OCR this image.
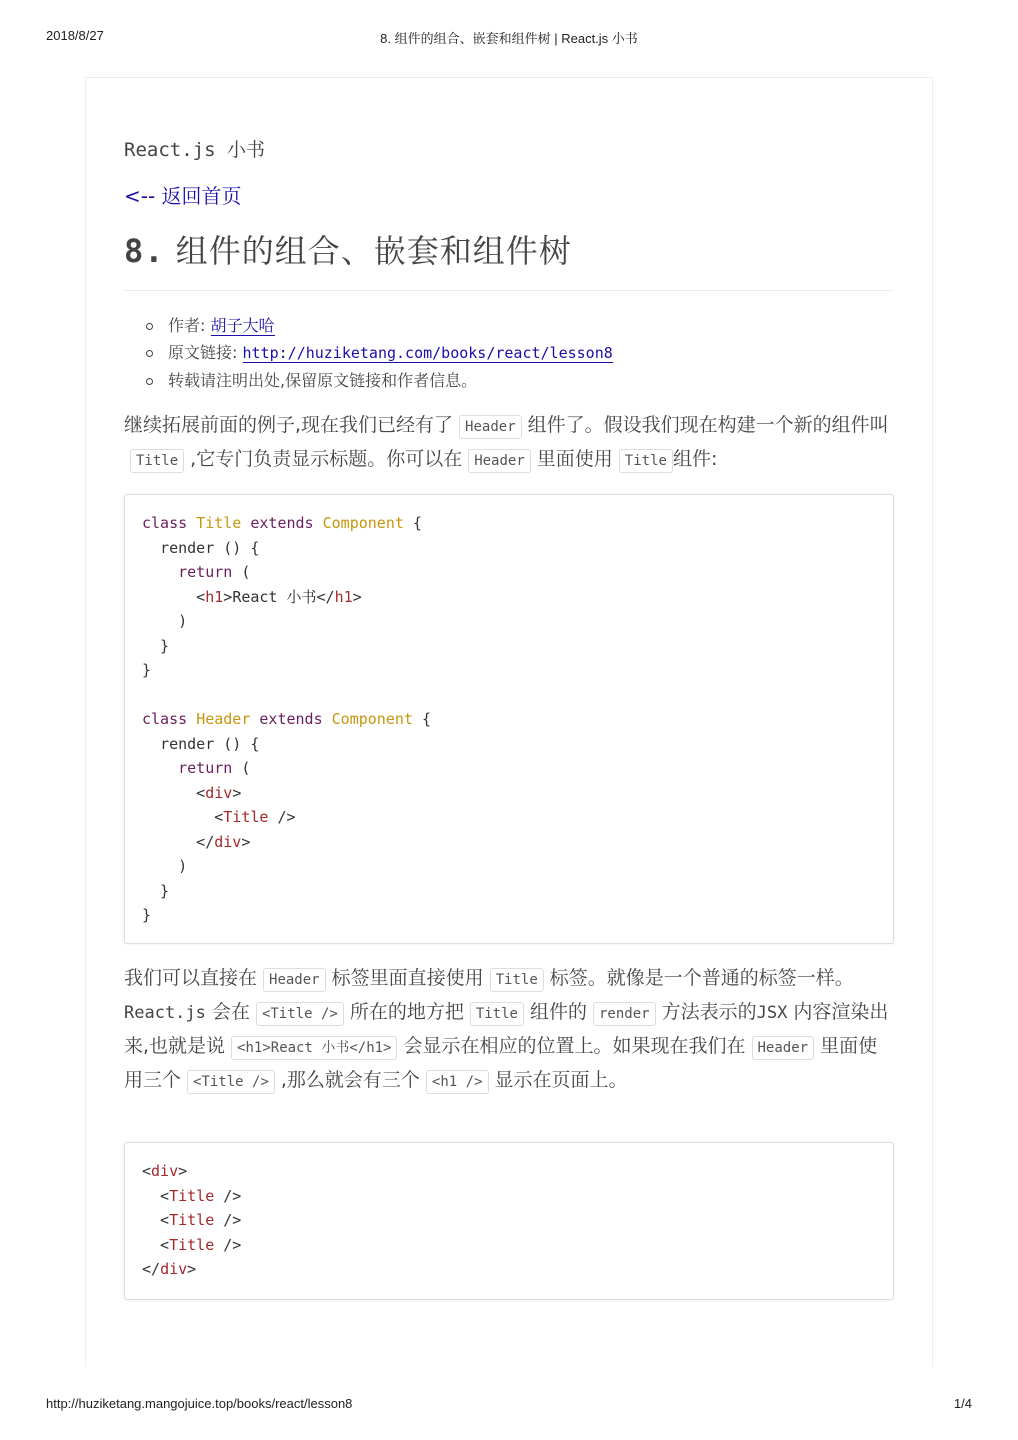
2018/8/27	8. 组件的组合、嵌套和组件树 | React.js 小书
http://huziketang.mangojuice.top/books/react/lesson8	1/4
React.js 小书
<-- 返回首页
8. 组件的组合、嵌套和组件树
作者: 胡子大哈
原文链接: http://huziketang.com/books/react/lesson8
转载请注明出处,保留原文链接和作者信息。

继续拓展前面的例子,现在我们已经有了 Header 组件了。假设我们现在构建一个新的组件叫Title ,它专门负责显示标题。你可以在 Header 里面使用 Title 组件:

class Title extends Component {
render () {
return (
<h1>React 小书</h1>
)
}
}

class Header extends Component {
render () {
return (
<div>
<Title />
</div>
)
}
}

我们可以直接在 Header 标签里面直接使用 Title 标签。就像是一个普通的标签一样。React.js 会在 <Title /> 所在的地方把 Title 组件的 render 方法表示的JSX 内容渲染出来,也就是说 <h1>React 小书</h1> 会显示在相应的位置上。如果现在我们在 Header 里面使用三个 <Title /> ,那么就会有三个 <h1 /> 显示在页面上。

<div>
<Title />
<Title />
<Title />
</div>
